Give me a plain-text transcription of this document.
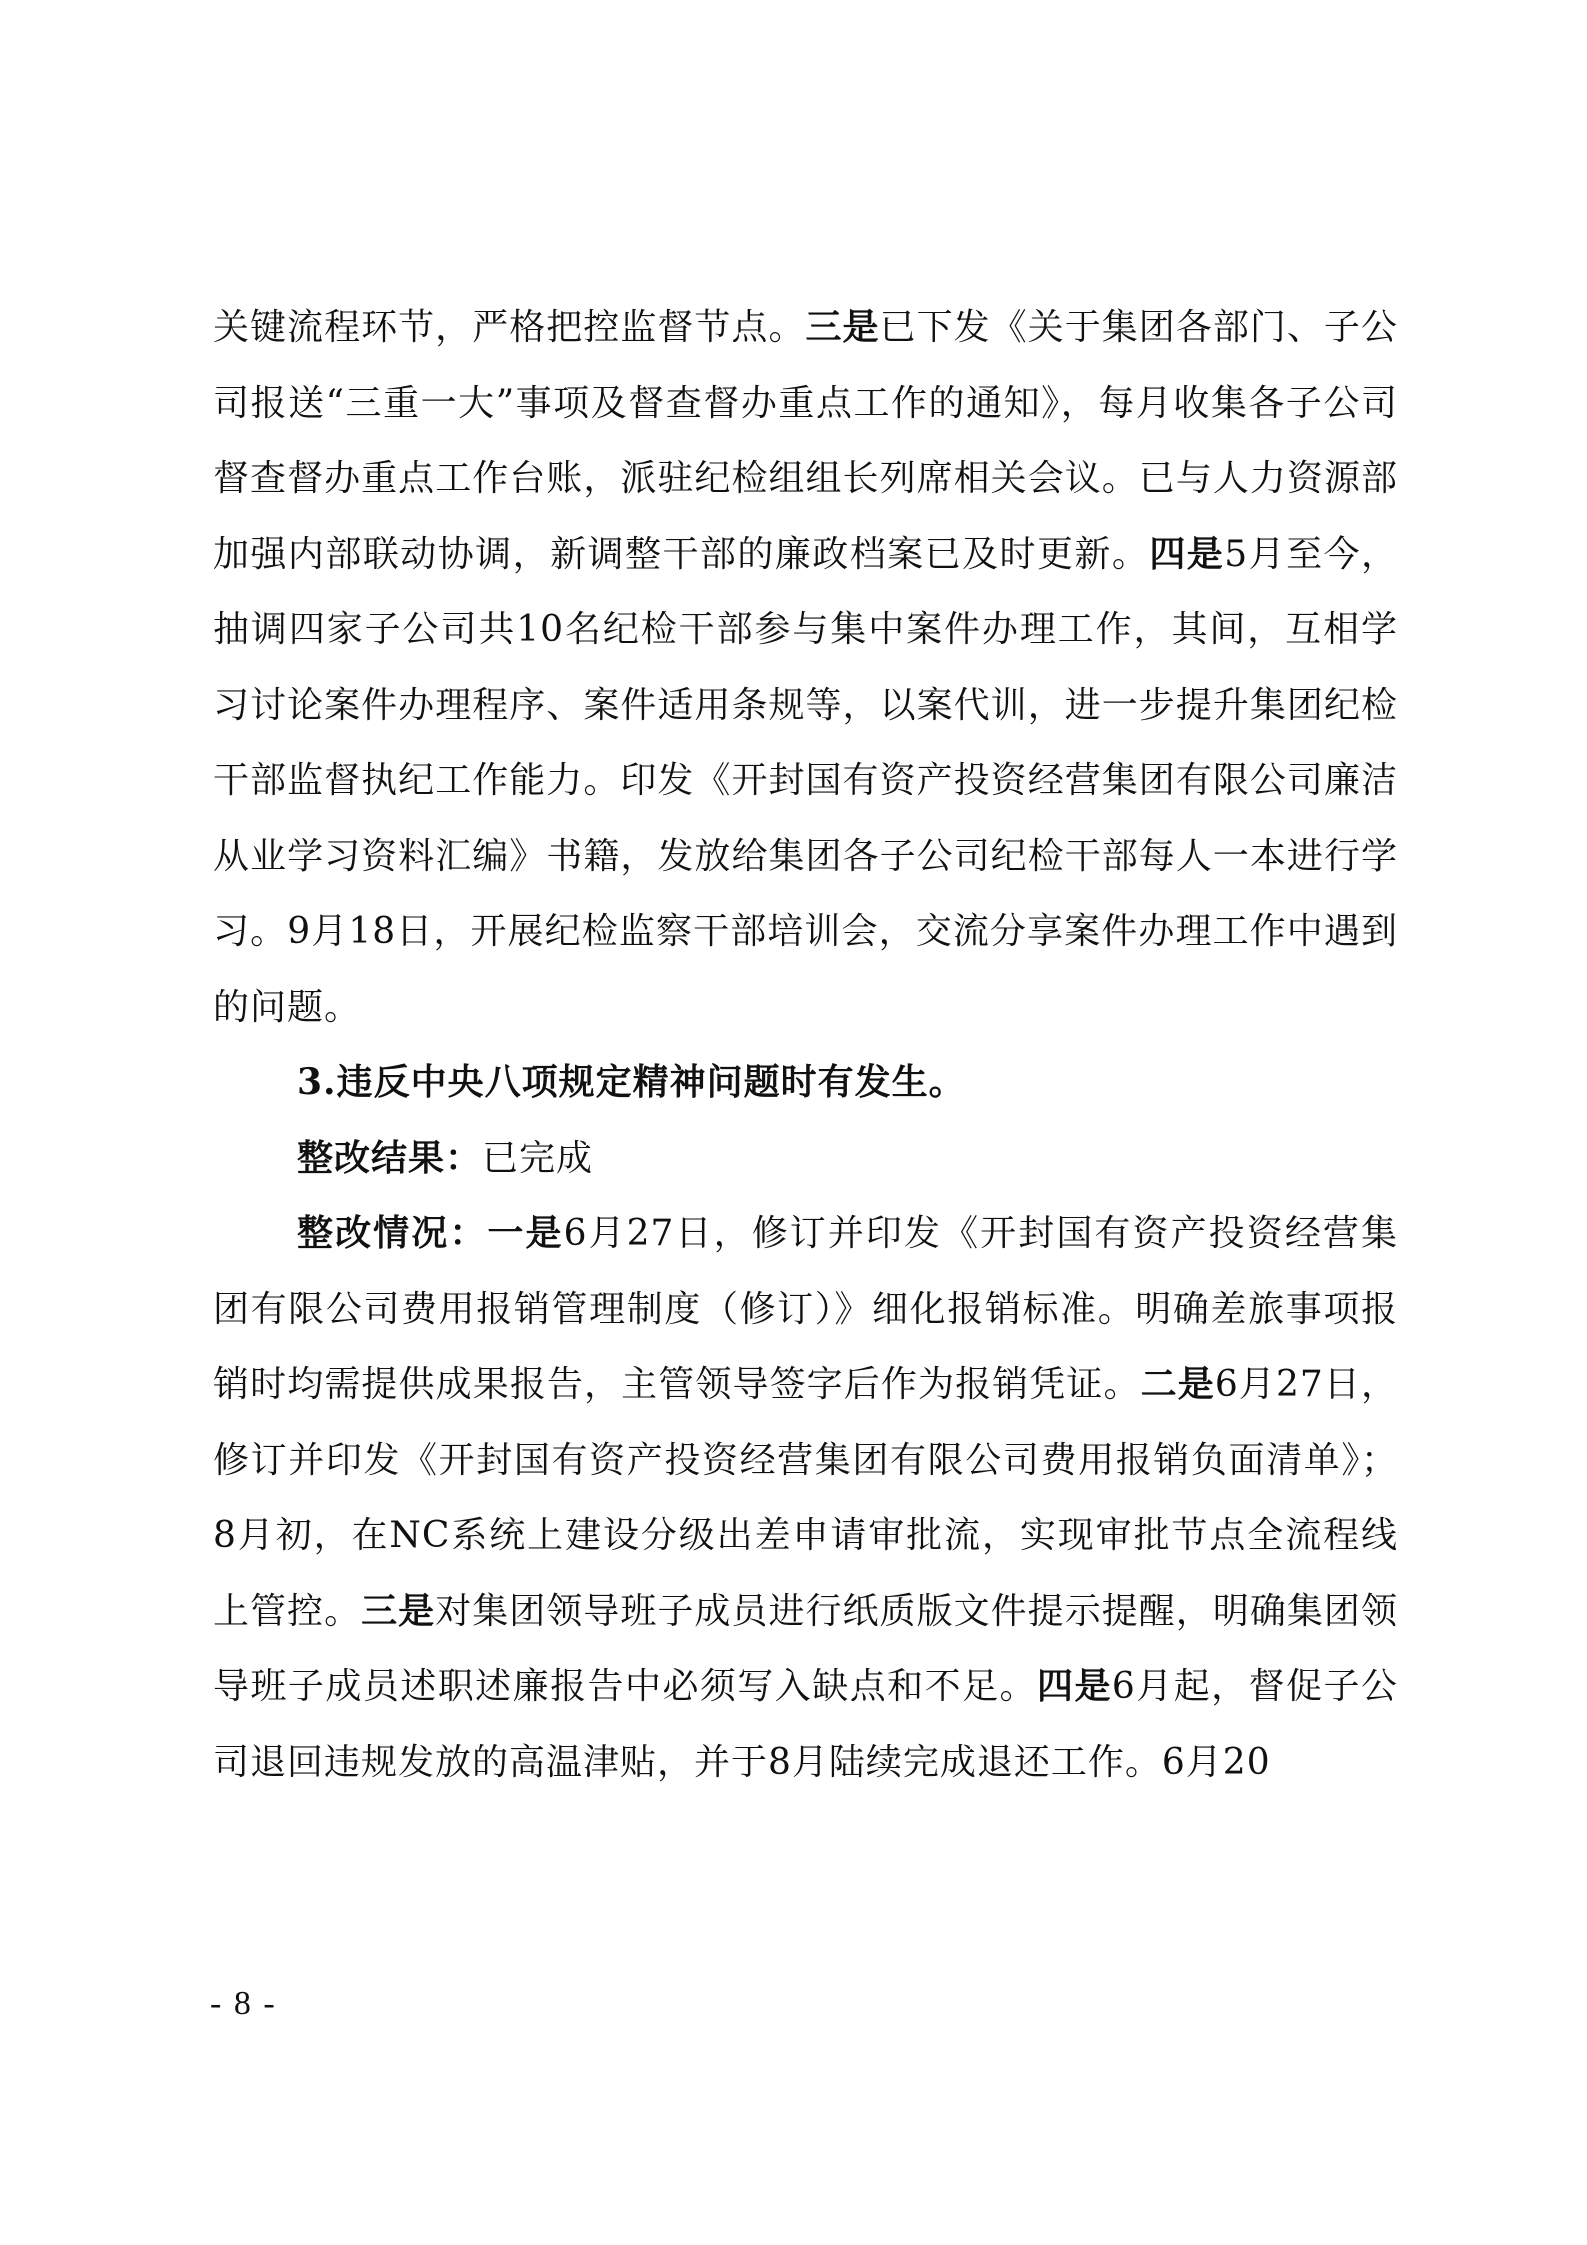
关键流程环节，严格把控监督节点。三是已下发《关于集团各部门、子公司报送“三重一大”事项及督查督办重点工作的通知》，每月收集各子公司督查督办重点工作台账，派驻纪检组组长列席相关会议。已与人力资源部加强内部联动协调，新调整干部的廉政档案已及时更新。四是5月至今，抽调四家子公司共10名纪检干部参与集中案件办理工作，其间，互相学习讨论案件办理程序、案件适用条规等，以案代训，进一步提升集团纪检干部监督执纪工作能力。印发《开封国有资产投资经营集团有限公司廉洁从业学习资料汇编》书籍，发放给集团各子公司纪检干部每人一本进行学习。9月18日，开展纪检监察干部培训会，交流分享案件办理工作中遇到的问题。

3.违反中央八项规定精神问题时有发生。

整改结果：已完成

整改情况：一是6月27日，修订并印发《开封国有资产投资经营集团有限公司费用报销管理制度（修订）》细化报销标准。明确差旅事项报销时均需提供成果报告，主管领导签字后作为报销凭证。二是6月27日，修订并印发《开封国有资产投资经营集团有限公司费用报销负面清单》；8月初，在NC系统上建设分级出差申请审批流，实现审批节点全流程线上管控。三是对集团领导班子成员进行纸质版文件提示提醒，明确集团领导班子成员述职述廉报告中必须写入缺点和不足。四是6月起，督促子公司退回违规发放的高温津贴，并于8月陆续完成退还工作。6月20

- 8 -
